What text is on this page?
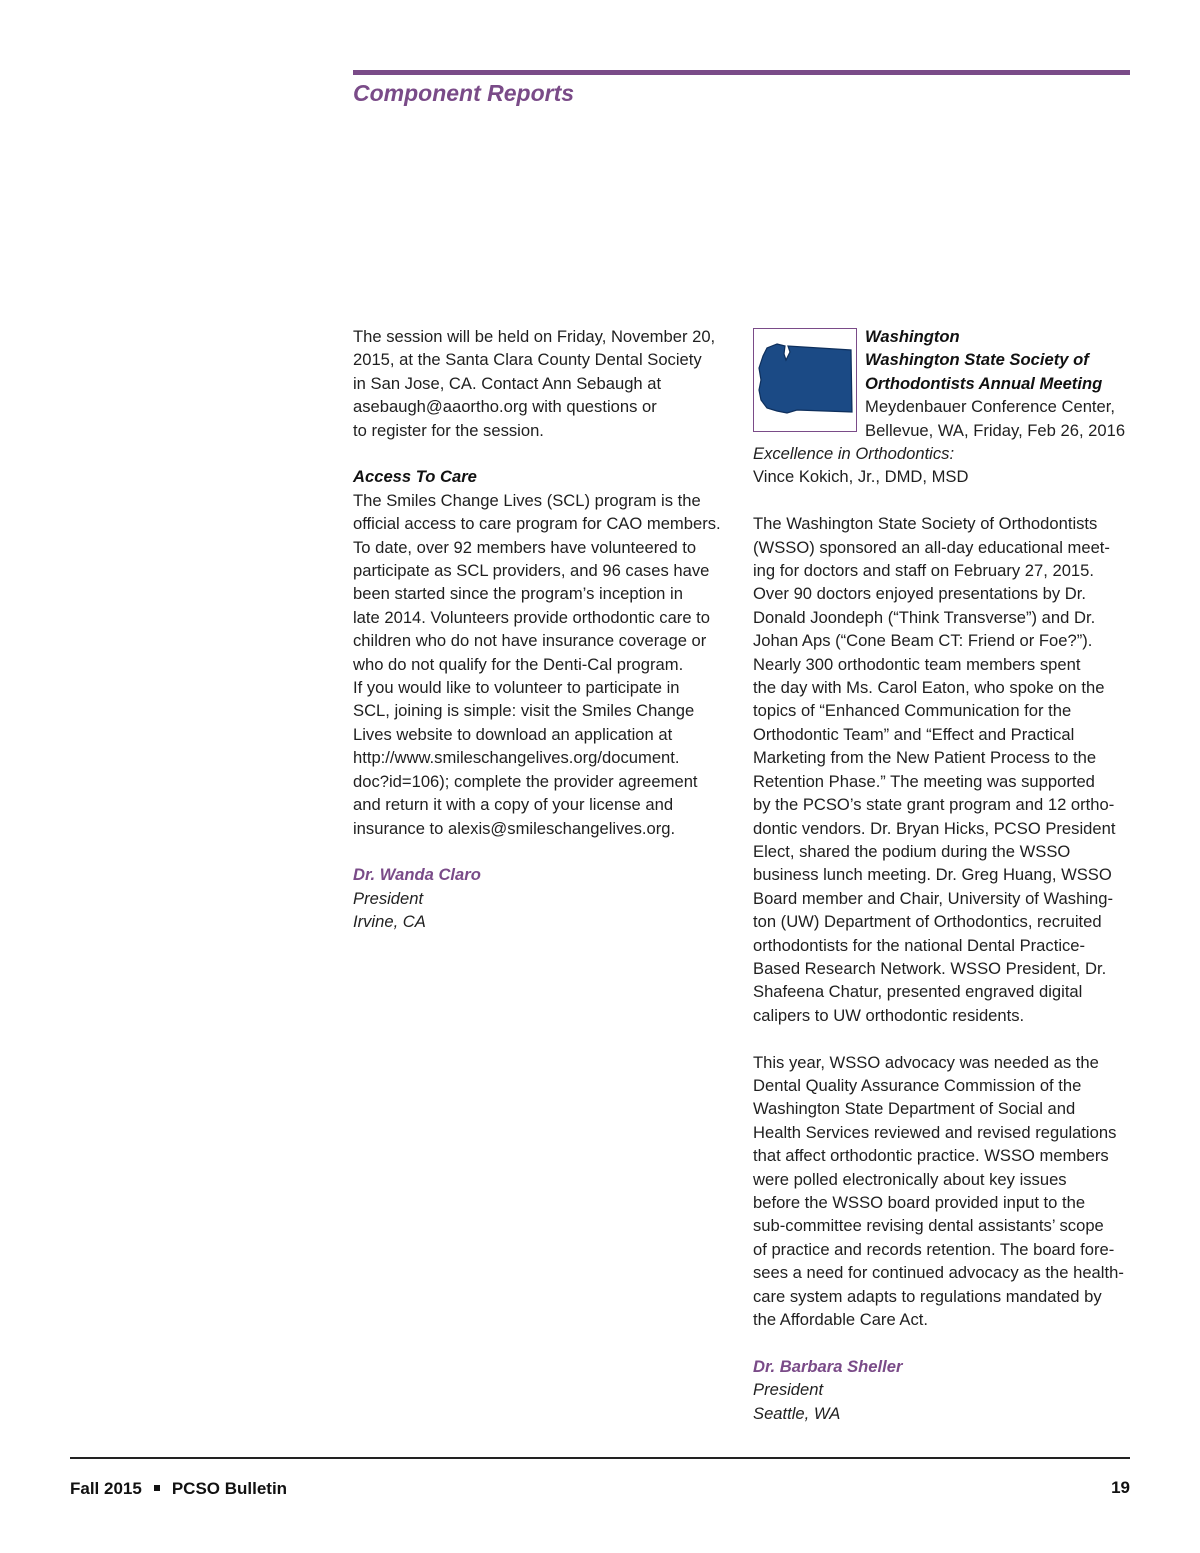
Component Reports

The session will be held on Friday, November 20,

2015, at the Santa Clara County Dental Society

in San Jose, CA. Contact Ann Sebaugh at

asebaugh@aaortho.org with questions or

to register for the session.

Access To Care

The Smiles Change Lives (SCL) program is the

official access to care program for CAO members.

To date, over 92 members have volunteered to

participate as SCL providers, and 96 cases have

been started since the program’s inception in

late 2014. Volunteers provide orthodontic care to

children who do not have insurance coverage or

who do not qualify for the Denti-Cal program.

If you would like to volunteer to participate in

SCL, joining is simple: visit the Smiles Change

Lives website to download an application at

http://www.smileschangelives.org/document.

doc?id=106); complete the provider agreement

and return it with a copy of your license and

insurance to alexis@smileschangelives.org.

Dr. Wanda Claro

President

Irvine, CA

Washington

Washington State Society of

Orthodontists Annual Meeting

Meydenbauer Conference Center,

Bellevue, WA, Friday, Feb 26, 2016

Excellence in Orthodontics:

Vince Kokich, Jr., DMD, MSD

The Washington State Society of Orthodontists

(WSSO) sponsored an all-day educational meet-

ing for doctors and staff on February 27, 2015.

Over 90 doctors enjoyed presentations by Dr.

Donald Joondeph (“Think Transverse”) and Dr.

Johan Aps (“Cone Beam CT: Friend or Foe?”).

Nearly 300 orthodontic team members spent

the day with Ms. Carol Eaton, who spoke on the

topics of “Enhanced Communication for the

Orthodontic Team” and “Effect and Practical

Marketing from the New Patient Process to the

Retention Phase.” The meeting was supported

by the PCSO’s state grant program and 12 ortho-

dontic vendors. Dr. Bryan Hicks, PCSO President

Elect, shared the podium during the WSSO

business lunch meeting. Dr. Greg Huang, WSSO

Board member and Chair, University of Washing-

ton (UW) Department of Orthodontics, recruited

orthodontists for the national Dental Practice-

Based Research Network. WSSO President, Dr.

Shafeena Chatur, presented engraved digital

calipers to UW orthodontic residents.

This year, WSSO advocacy was needed as the

Dental Quality Assurance Commission of the

Washington State Department of Social and

Health Services reviewed and revised regulations

that affect orthodontic practice. WSSO members

were polled electronically about key issues

before the WSSO board provided input to the

sub-committee revising dental assistants’ scope

of practice and records retention. The board fore-

sees a need for continued advocacy as the health-

care system adapts to regulations mandated by

the Affordable Care Act.

Dr. Barbara Sheller

President

Seattle, WA

Fall 2015 PCSO Bulletin	19
